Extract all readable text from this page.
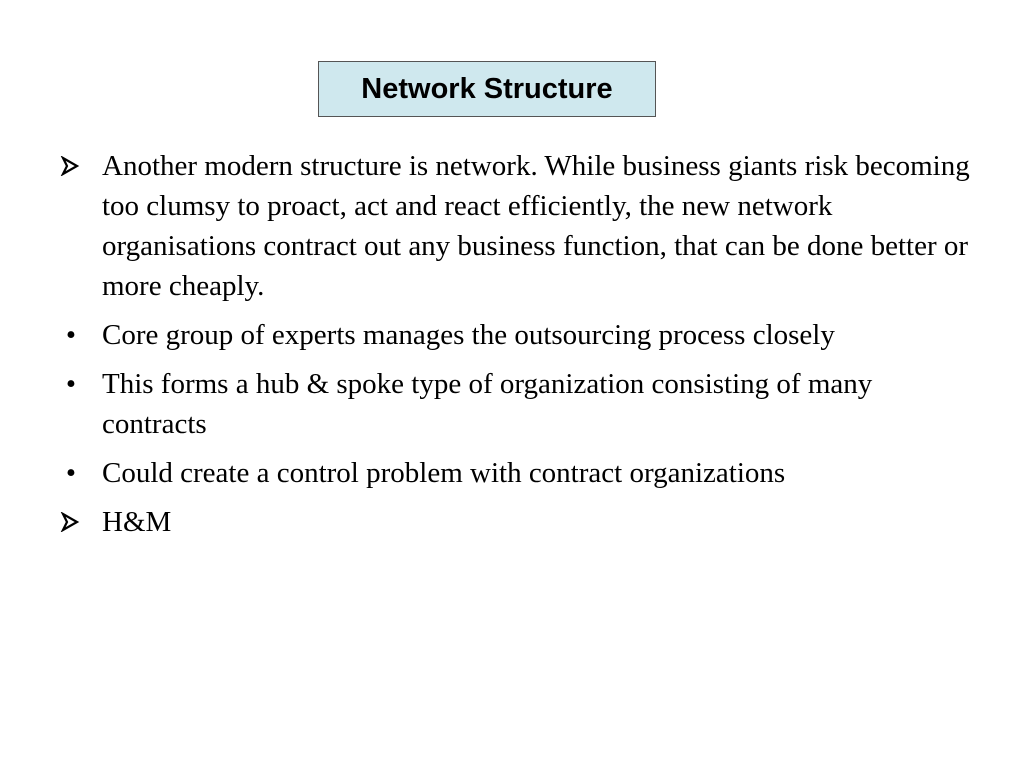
Network Structure
Another modern structure is network. While business giants risk becoming too clumsy to proact, act and react efficiently, the new network organisations contract out any business function, that can be done better or more cheaply.
• Core group of experts manages the outsourcing process closely
• This forms a hub & spoke type of organization consisting of many contracts
• Could create a control problem with contract organizations
H&M
